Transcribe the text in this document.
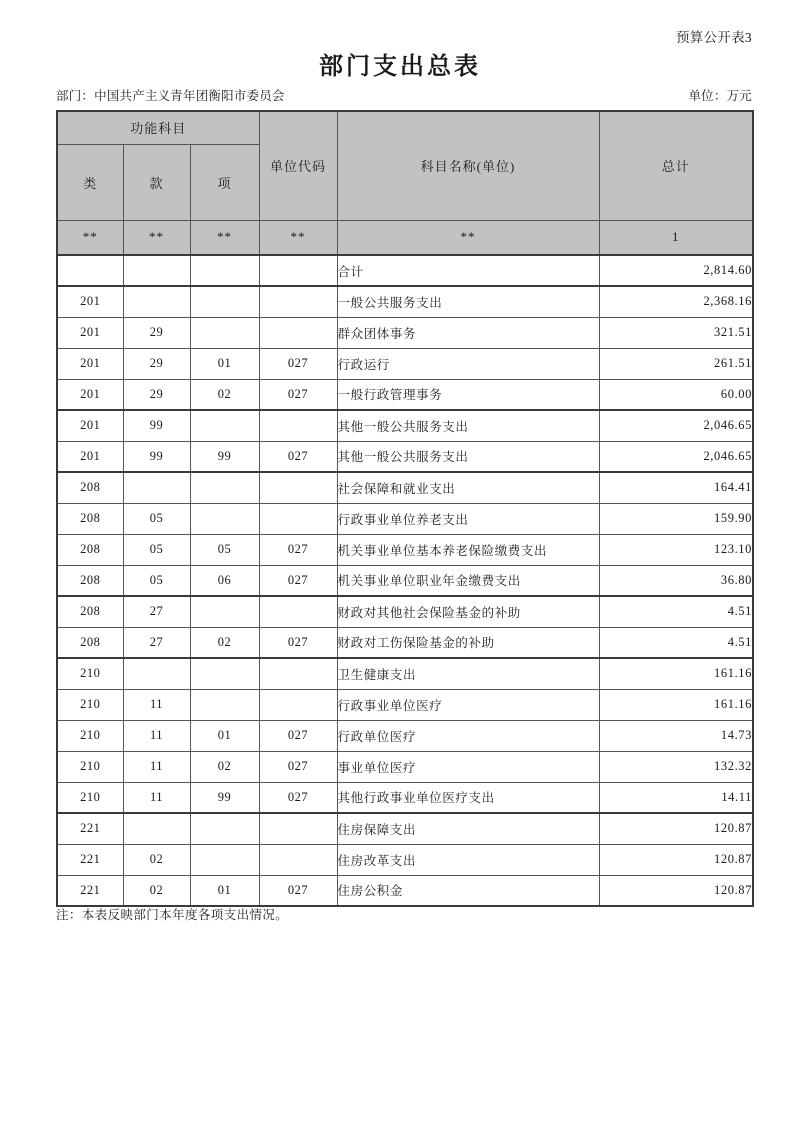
预算公开表3
部门支出总表
部门：中国共产主义青年团衡阳市委员会	单位：万元
功能科目			单位代码	科目名称(单位)	总计
类	款	项			
**	**	**	**	**	1
				合计	2,814.60
201				一般公共服务支出	2,368.16
201	29			群众团体事务	321.51
201	29	01	027	行政运行	261.51
201	29	02	027	一般行政管理事务	60.00
201	99			其他一般公共服务支出	2,046.65
201	99	99	027	其他一般公共服务支出	2,046.65
208				社会保障和就业支出	164.41
208	05			行政事业单位养老支出	159.90
208	05	05	027	机关事业单位基本养老保险缴费支出	123.10
208	05	06	027	机关事业单位职业年金缴费支出	36.80
208	27			财政对其他社会保险基金的补助	4.51
208	27	02	027	财政对工伤保险基金的补助	4.51
210				卫生健康支出	161.16
210	11			行政事业单位医疗	161.16
210	11	01	027	行政单位医疗	14.73
210	11	02	027	事业单位医疗	132.32
210	11	99	027	其他行政事业单位医疗支出	14.11
221				住房保障支出	120.87
221	02			住房改革支出	120.87
221	02	01	027	住房公积金	120.87
注：本表反映部门本年度各项支出情况。
